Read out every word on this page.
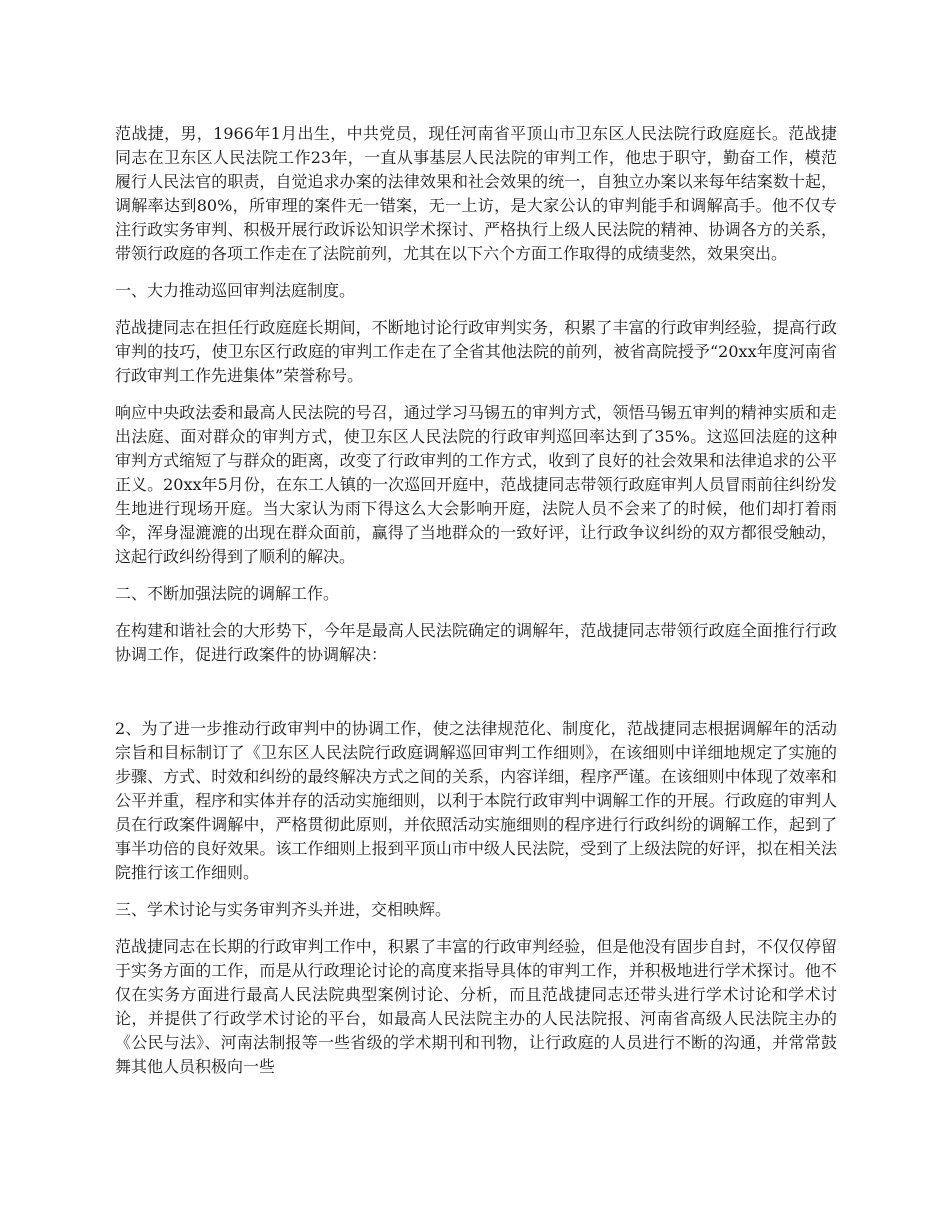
范战捷，男，1966年1月出生，中共党员，现任河南省平顶山市卫东区人民法院行政庭庭长。范战捷同志在卫东区人民法院工作23年，一直从事基层人民法院的审判工作，他忠于职守，勤奋工作，模范履行人民法官的职责，自觉追求办案的法律效果和社会效果的统一，自独立办案以来每年结案数十起，调解率达到80%，所审理的案件无一错案，无一上访，是大家公认的审判能手和调解高手。他不仅专注行政实务审判、积极开展行政诉讼知识学术探讨、严格执行上级人民法院的精神、协调各方的关系，带领行政庭的各项工作走在了法院前列，尤其在以下六个方面工作取得的成绩斐然，效果突出。

一、大力推动巡回审判法庭制度。

范战捷同志在担任行政庭庭长期间，不断地讨论行政审判实务，积累了丰富的行政审判经验，提高行政审判的技巧，使卫东区行政庭的审判工作走在了全省其他法院的前列，被省高院授予“20xx年度河南省行政审判工作先进集体”荣誉称号。

响应中央政法委和最高人民法院的号召，通过学习马锡五的审判方式，领悟马锡五审判的精神实质和走出法庭、面对群众的审判方式，使卫东区人民法院的行政审判巡回率达到了35%。这巡回法庭的这种审判方式缩短了与群众的距离，改变了行政审判的工作方式，收到了良好的社会效果和法律追求的公平正义。20xx年5月份，在东工人镇的一次巡回开庭中，范战捷同志带领行政庭审判人员冒雨前往纠纷发生地进行现场开庭。当大家认为雨下得这么大会影响开庭，法院人员不会来了的时候，他们却打着雨伞，浑身湿漉漉的出现在群众面前，赢得了当地群众的一致好评，让行政争议纠纷的双方都很受触动，这起行政纠纷得到了顺利的解决。

二、不断加强法院的调解工作。

在构建和谐社会的大形势下，今年是最高人民法院确定的调解年，范战捷同志带领行政庭全面推行行政协调工作，促进行政案件的协调解决：

2、为了进一步推动行政审判中的协调工作，使之法律规范化、制度化，范战捷同志根据调解年的活动宗旨和目标制订了《卫东区人民法院行政庭调解巡回审判工作细则》，在该细则中详细地规定了实施的步骤、方式、时效和纠纷的最终解决方式之间的关系，内容详细，程序严谨。在该细则中体现了效率和公平并重，程序和实体并存的活动实施细则，以利于本院行政审判中调解工作的开展。行政庭的审判人员在行政案件调解中，严格贯彻此原则，并依照活动实施细则的程序进行行政纠纷的调解工作，起到了事半功倍的良好效果。该工作细则上报到平顶山市中级人民法院，受到了上级法院的好评，拟在相关法院推行该工作细则。

三、学术讨论与实务审判齐头并进，交相映辉。

范战捷同志在长期的行政审判工作中，积累了丰富的行政审判经验，但是他没有固步自封，不仅仅停留于实务方面的工作，而是从行政理论讨论的高度来指导具体的审判工作，并积极地进行学术探讨。他不仅在实务方面进行最高人民法院典型案例讨论、分析，而且范战捷同志还带头进行学术讨论和学术讨论，并提供了行政学术讨论的平台，如最高人民法院主办的人民法院报、河南省高级人民法院主办的《公民与法》、河南法制报等一些省级的学术期刊和刊物，让行政庭的人员进行不断的沟通，并常常鼓舞其他人员积极向一些
